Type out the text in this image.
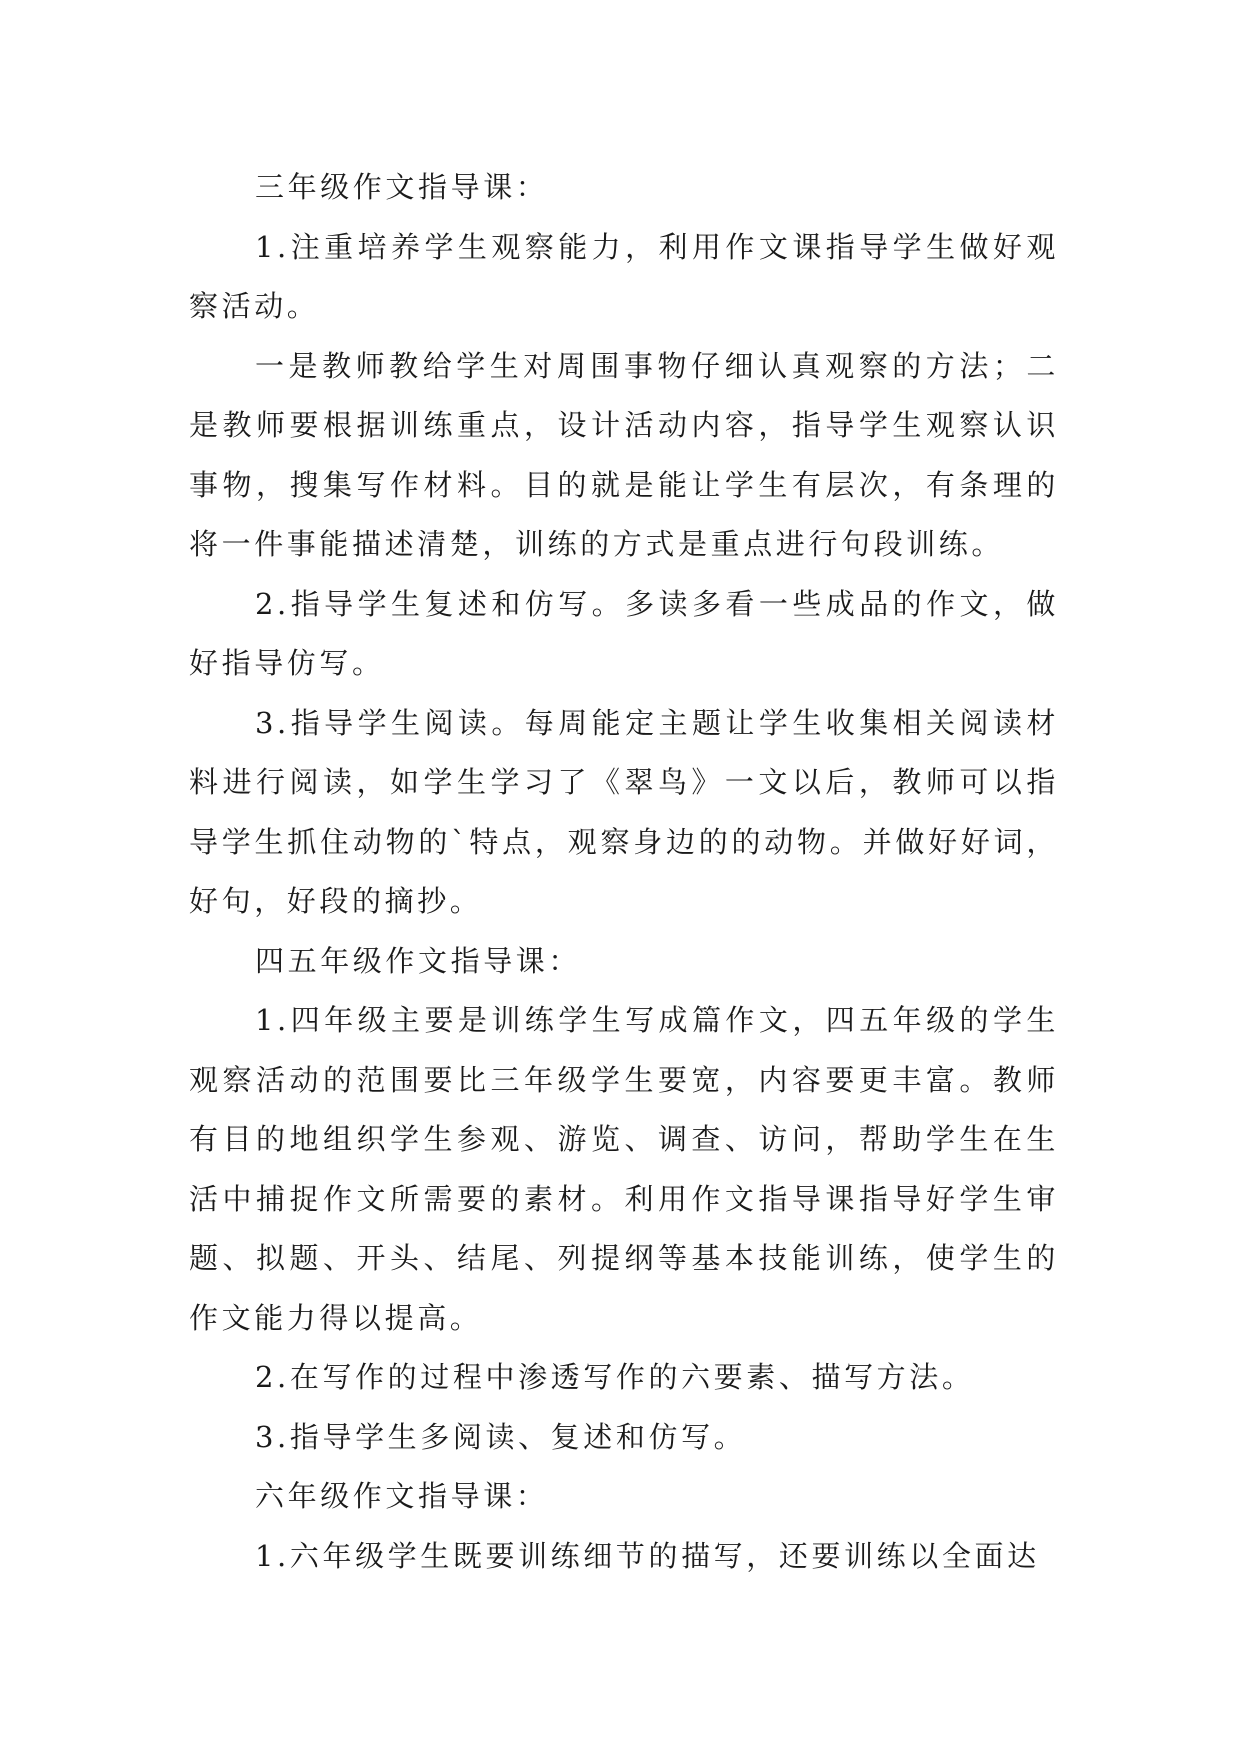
三年级作文指导课：

1.注重培养学生观察能力，利用作文课指导学生做好观察活动。

一是教师教给学生对周围事物仔细认真观察的方法；二是教师要根据训练重点，设计活动内容，指导学生观察认识事物，搜集写作材料。目的就是能让学生有层次，有条理的将一件事能描述清楚，训练的方式是重点进行句段训练。

2.指导学生复述和仿写。多读多看一些成品的作文，做好指导仿写。

3.指导学生阅读。每周能定主题让学生收集相关阅读材料进行阅读，如学生学习了《翠鸟》一文以后，教师可以指导学生抓住动物的`特点，观察身边的的动物。并做好好词，好句，好段的摘抄。

四五年级作文指导课：

1.四年级主要是训练学生写成篇作文，四五年级的学生观察活动的范围要比三年级学生要宽，内容要更丰富。教师有目的地组织学生参观、游览、调查、访问，帮助学生在生活中捕捉作文所需要的素材。利用作文指导课指导好学生审题、拟题、开头、结尾、列提纲等基本技能训练，使学生的作文能力得以提高。

2.在写作的过程中渗透写作的六要素、描写方法。

3.指导学生多阅读、复述和仿写。

六年级作文指导课：

1.六年级学生既要训练细节的描写，还要训练以全面达
